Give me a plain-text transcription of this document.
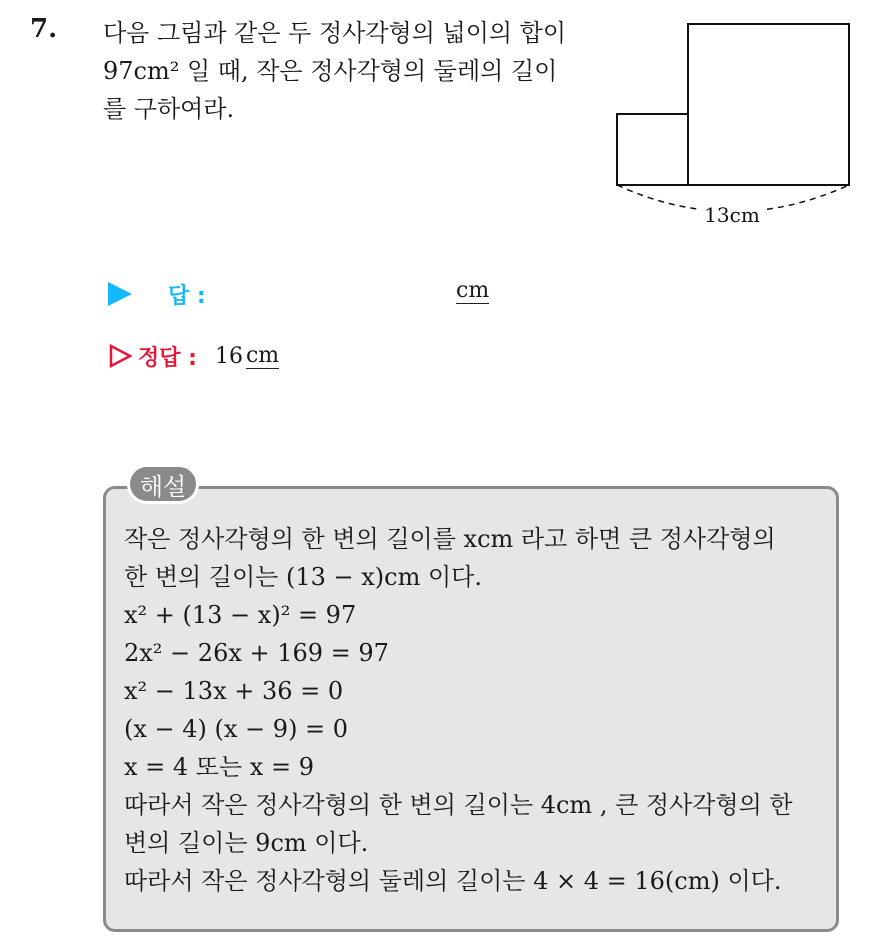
7. 다음 그림과 같은 두 정사각형의 넓이의 합이
97cm² 일 때, 작은 정사각형의 둘레의 길이
를 구하여라.
13cm
답 :	cm
정답 : 16 cm
해설
작은 정사각형의 한 변의 길이를 xcm 라고 하면 큰 정사각형의
한 변의 길이는 (13 − x)cm 이다.
x² + (13 − x)² = 97
2x² − 26x + 169 = 97
x² − 13x + 36 = 0
(x − 4) (x − 9) = 0
x = 4 또는 x = 9
따라서 작은 정사각형의 한 변의 길이는 4cm , 큰 정사각형의 한
변의 길이는 9cm 이다.
따라서 작은 정사각형의 둘레의 길이는 4 × 4 = 16(cm) 이다.
